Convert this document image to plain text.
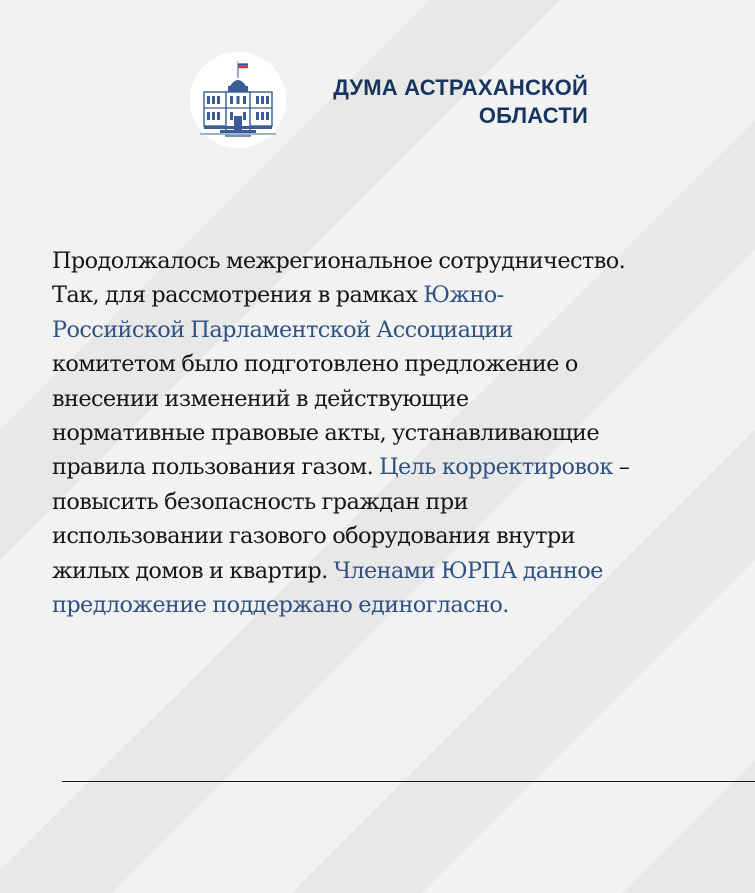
ДУМА АСТРАХАНСКОЙ
ОБЛАСТИ
Продолжалось межрегиональное сотрудничество.
Так, для рассмотрения в рамках Южно-
Российской Парламентской Ассоциации
комитетом было подготовлено предложение о
внесении изменений в действующие
нормативные правовые акты, устанавливающие
правила пользования газом. Цель корректировок –
повысить безопасность граждан при
использовании газового оборудования внутри
жилых домов и квартир. Членами ЮРПА данное
предложение поддержано единогласно.
